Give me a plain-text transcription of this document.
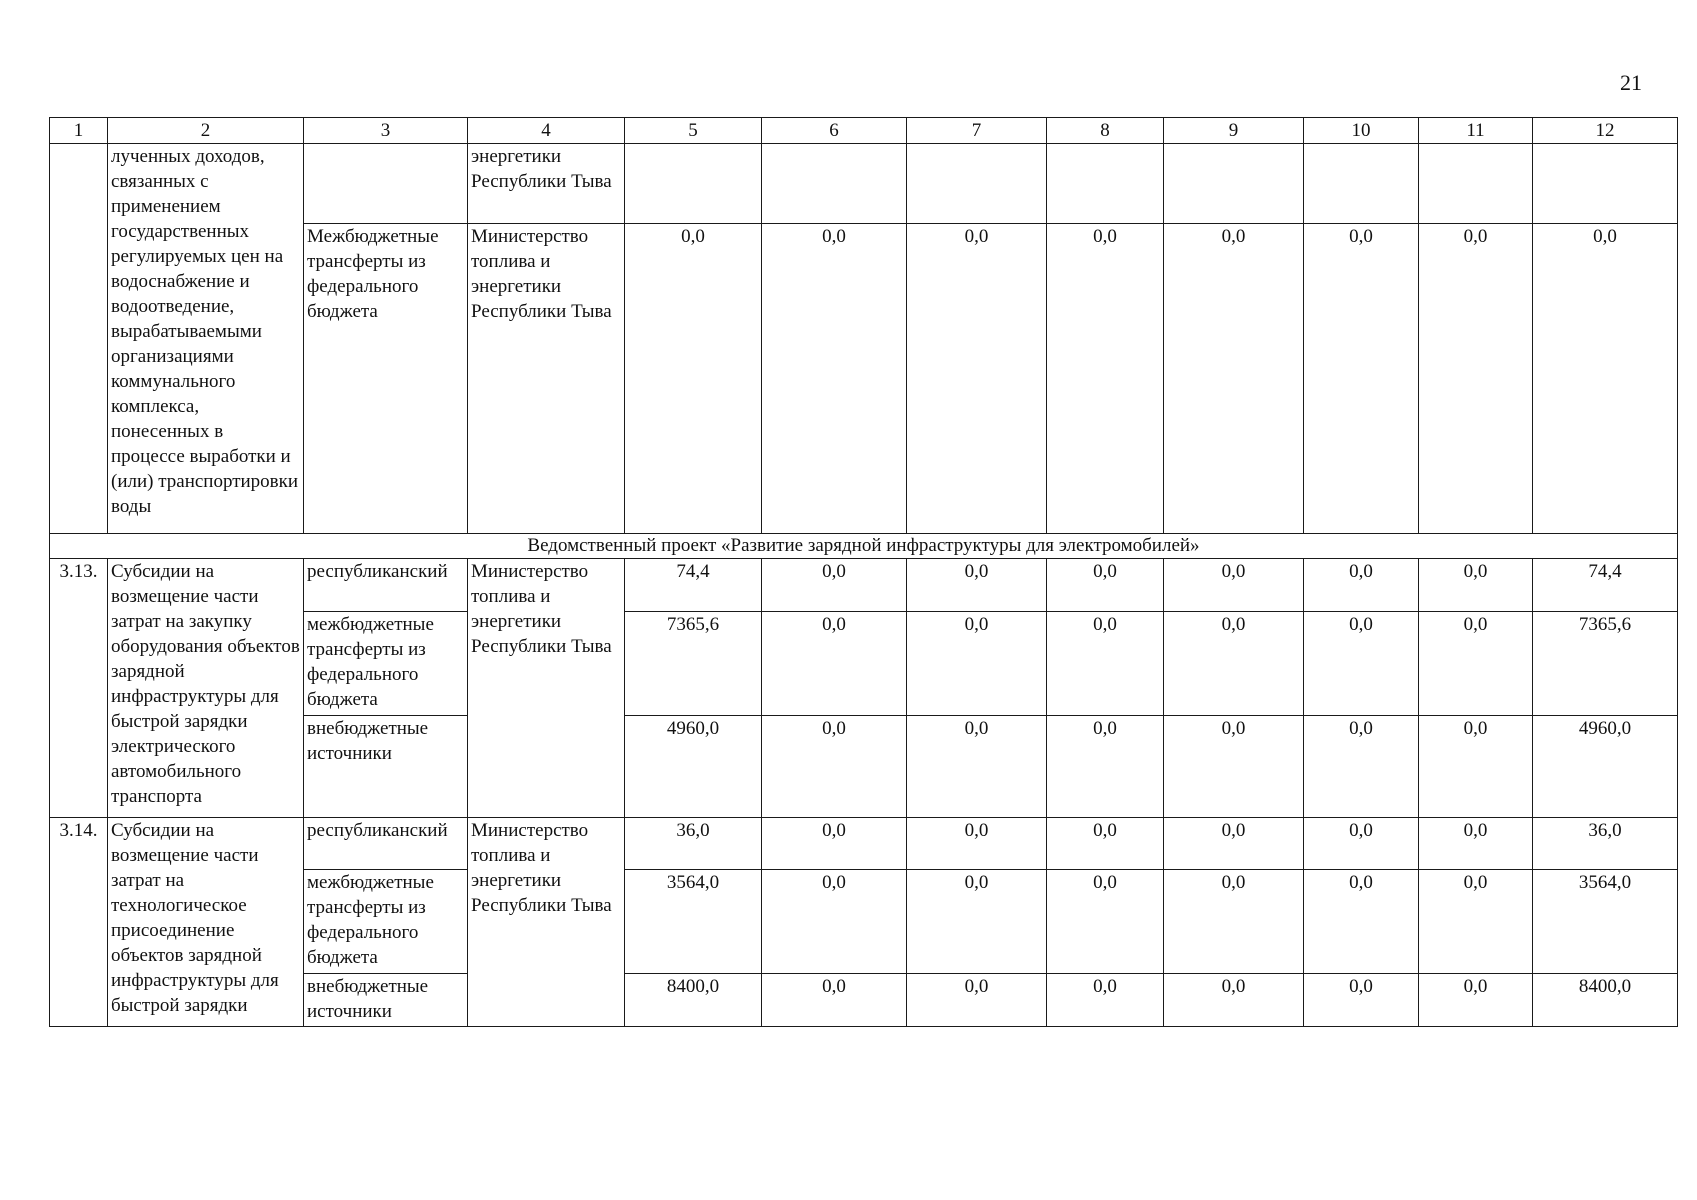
21
1	2	3	4	5	6	7	8	9	10	11	12
	лученных доходов, связанных с применением государственных регулируемых цен на водоснабжение и водоотведение, вырабатываемыми организациями коммунального комплекса, понесенных в процессе выработки и (или) транспортировки воды		энергетики Республики Тыва								
		Межбюджетные трансферты из федерального бюджета	Министерство топлива и энергетики Республики Тыва	0,0	0,0	0,0	0,0	0,0	0,0	0,0	0,0
Ведомственный проект «Развитие зарядной инфраструктуры для электромобилей»											
3.13.	Субсидии на возмещение части затрат на закупку оборудования объектов зарядной инфраструктуры для быстрой зарядки электрического автомобильного транспорта	республиканский	Министерство топлива и энергетики Республики Тыва	74,4	0,0	0,0	0,0	0,0	0,0	0,0	74,4
		межбюджетные трансферты из федерального бюджета		7365,6	0,0	0,0	0,0	0,0	0,0	0,0	7365,6
		внебюджетные источники		4960,0	0,0	0,0	0,0	0,0	0,0	0,0	4960,0
3.14.	Субсидии на возмещение части затрат на технологическое присоединение объектов зарядной инфраструктуры для быстрой зарядки	республиканский	Министерство топлива и энергетики Республики Тыва	36,0	0,0	0,0	0,0	0,0	0,0	0,0	36,0
		межбюджетные трансферты из федерального бюджета		3564,0	0,0	0,0	0,0	0,0	0,0	0,0	3564,0
		внебюджетные источники		8400,0	0,0	0,0	0,0	0,0	0,0	0,0	8400,0
